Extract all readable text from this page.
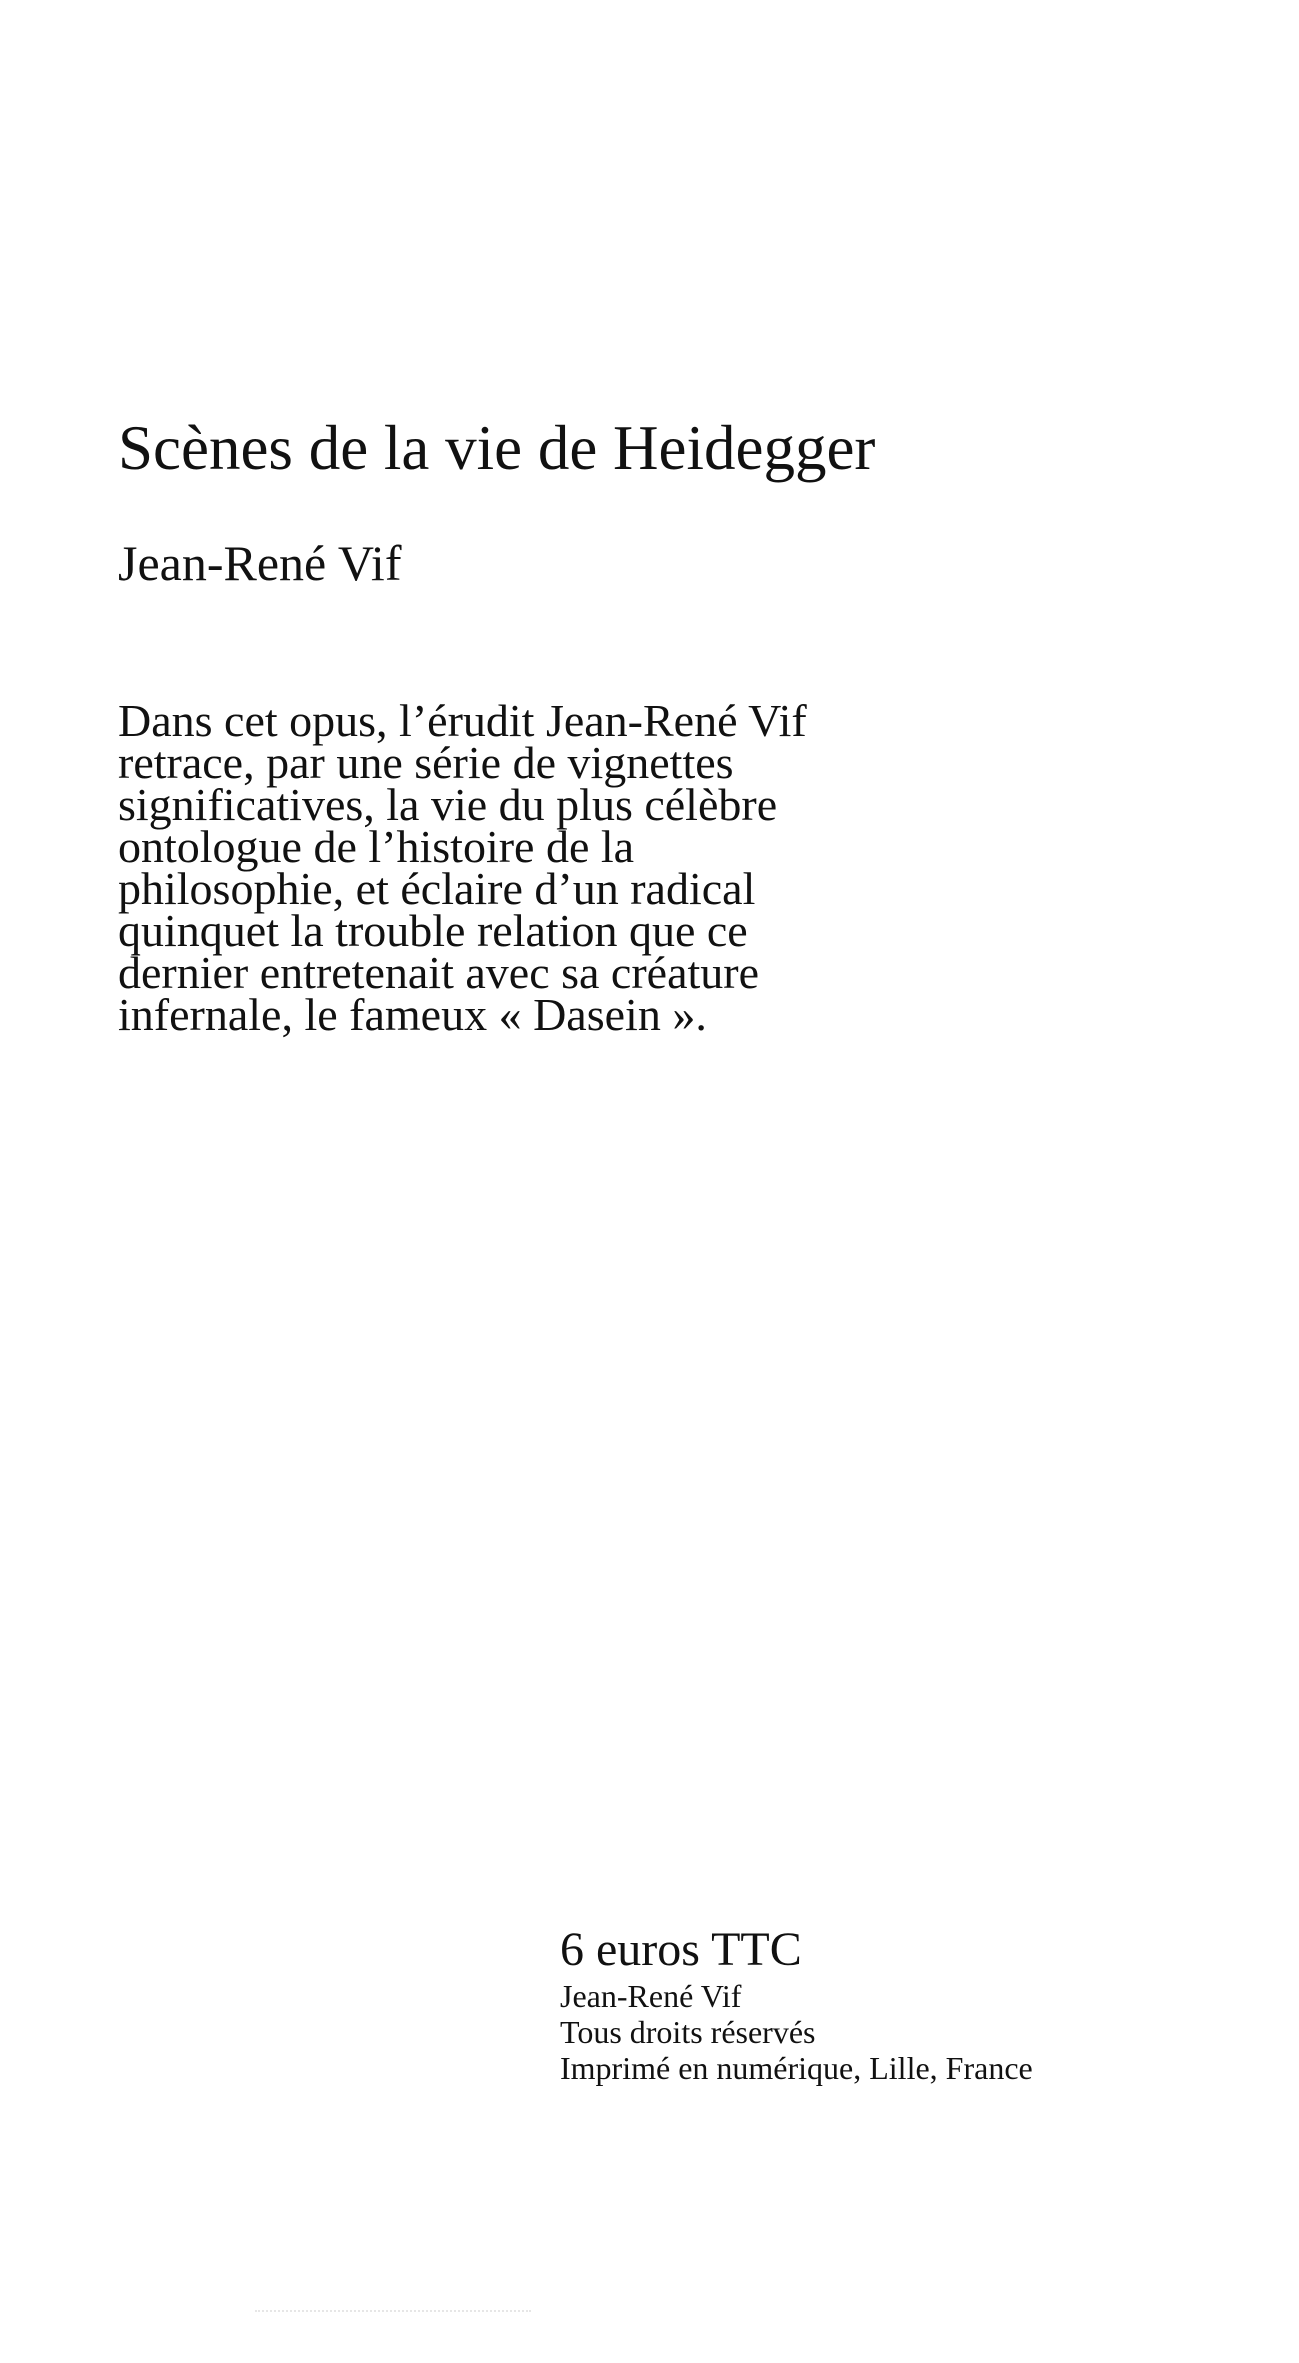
Scènes de la vie de Heidegger
Jean-René Vif
Dans cet opus, l’érudit Jean-René Vif
retrace, par une série de vignettes
significatives, la vie du plus célèbre
ontologue de l’histoire de la
philosophie, et éclaire d’un radical
quinquet la trouble relation que ce
dernier entretenait avec sa créature
infernale, le fameux « Dasein ».
6 euros TTC
Jean-René Vif
Tous droits réservés
Imprimé en numérique, Lille, France
